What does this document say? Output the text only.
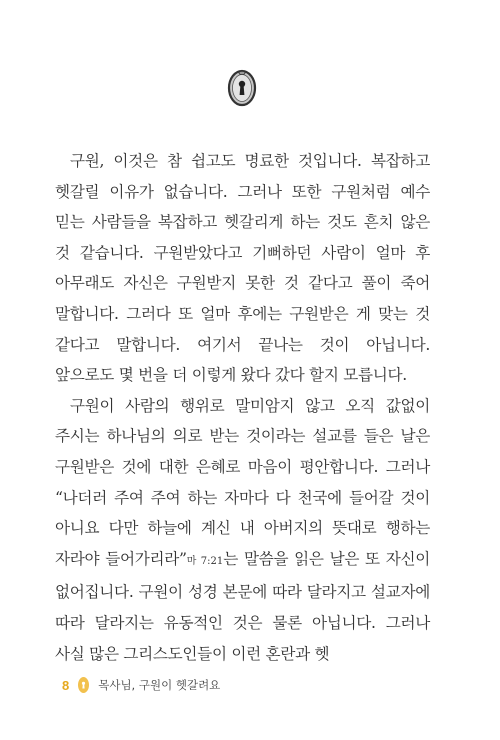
구원, 이것은 참 쉽고도 명료한 것입니다. 복잡하고 헷갈릴 이유가 없습니다. 그러나 또한 구원처럼 예수 믿는 사람들을 복잡하고 헷갈리게 하는 것도 흔치 않은 것 같습니다. 구원받았다고 기뻐하던 사람이 얼마 후 아무래도 자신은 구원받지 못한 것 같다고 풀이 죽어 말합니다. 그러다 또 얼마 후에는 구원받은 게 맞는 것 같다고 말합니다. 여기서 끝나는 것이 아닙니다. 앞으로도 몇 번을 더 이렇게 왔다 갔다 할지 모릅니다.

구원이 사람의 행위로 말미암지 않고 오직 값없이 주시는 하나님의 의로 받는 것이라는 설교를 들은 날은 구원받은 것에 대한 은혜로 마음이 평안합니다. 그러나 “나더러 주여 주여 하는 자마다 다 천국에 들어갈 것이 아니요 다만 하늘에 계신 내 아버지의 뜻대로 행하는 자라야 들어가리라”마 7:21는 말씀을 읽은 날은 또 자신이 없어집니다. 구원이 성경 본문에 따라 달라지고 설교자에 따라 달라지는 유동적인 것은 물론 아닙니다. 그러나 사실 많은 그리스도인들이 이런 혼란과 헷

8	목사님, 구원이 헷갈려요
